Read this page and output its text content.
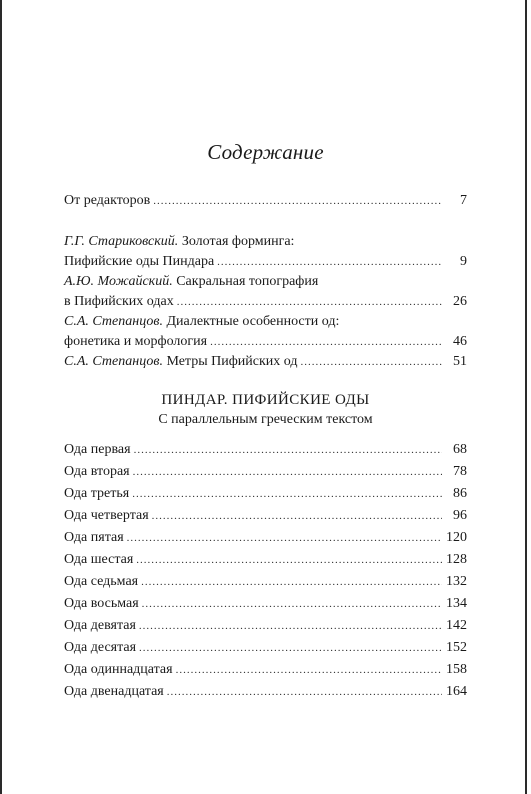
Содержание
От редакторов .....	7
Г.Г. Стариковский. Золотая форминга:
Пифийские оды Пиндара .....	9
А.Ю. Можайский. Сакральная топография
в Пифийских одах .....	26
С.А. Степанцов. Диалектные особенности од:
фонетика и морфология .....	46
С.А. Степанцов. Метры Пифийских од .....	51
ПИНДАР. ПИФИЙСКИЕ ОДЫ
С параллельным греческим текстом
Ода первая .....	68
Ода вторая .....	78
Ода третья .....	86
Ода четвертая .....	96
Ода пятая .....	120
Ода шестая .....	128
Ода седьмая .....	132
Ода восьмая .....	134
Ода девятая .....	142
Ода десятая .....	152
Ода одиннадцатая .....	158
Ода двенадцатая .....	164
